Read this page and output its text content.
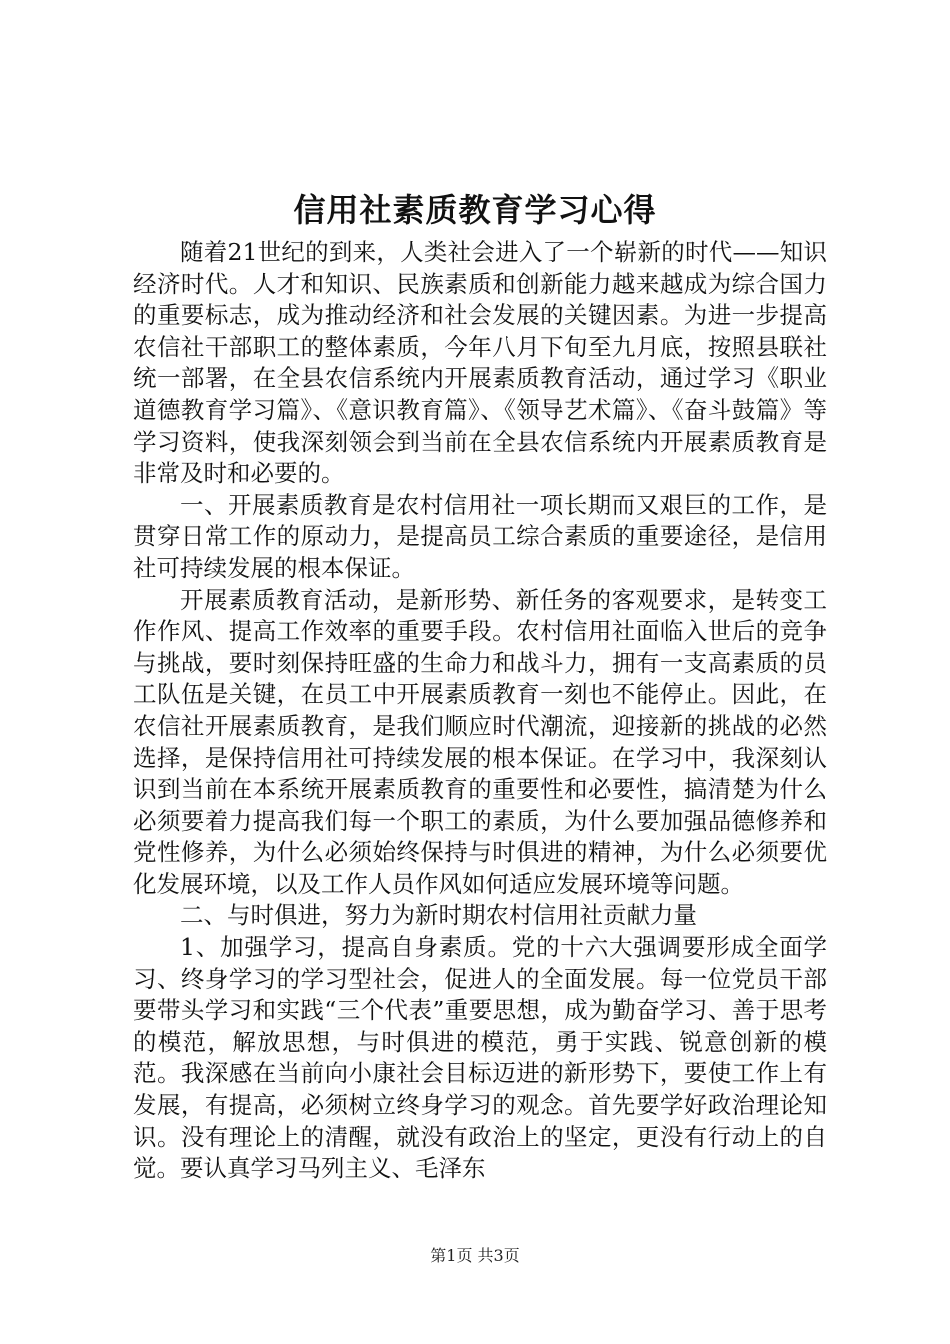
信用社素质教育学习心得

随着21世纪的到来，人类社会进入了一个崭新的时代——知识经济时代。人才和知识、民族素质和创新能力越来越成为综合国力的重要标志，成为推动经济和社会发展的关键因素。为进一步提高农信社干部职工的整体素质，今年八月下旬至九月底，按照县联社统一部署，在全县农信系统内开展素质教育活动，通过学习《职业道德教育学习篇》、《意识教育篇》、《领导艺术篇》、《奋斗鼓篇》等学习资料，使我深刻领会到当前在全县农信系统内开展素质教育是非常及时和必要的。

一、开展素质教育是农村信用社一项长期而又艰巨的工作，是贯穿日常工作的原动力，是提高员工综合素质的重要途径，是信用社可持续发展的根本保证。

开展素质教育活动，是新形势、新任务的客观要求，是转变工作作风、提高工作效率的重要手段。农村信用社面临入世后的竞争与挑战，要时刻保持旺盛的生命力和战斗力，拥有一支高素质的员工队伍是关键，在员工中开展素质教育一刻也不能停止。因此，在农信社开展素质教育，是我们顺应时代潮流，迎接新的挑战的必然选择，是保持信用社可持续发展的根本保证。在学习中，我深刻认识到当前在本系统开展素质教育的重要性和必要性，搞清楚为什么必须要着力提高我们每一个职工的素质，为什么要加强品德修养和党性修养，为什么必须始终保持与时俱进的精神，为什么必须要优化发展环境，以及工作人员作风如何适应发展环境等问题。

二、与时俱进，努力为新时期农村信用社贡献力量

1、加强学习，提高自身素质。党的十六大强调要形成全面学习、终身学习的学习型社会，促进人的全面发展。每一位党员干部要带头学习和实践“三个代表”重要思想，成为勤奋学习、善于思考的模范，解放思想，与时俱进的模范，勇于实践、锐意创新的模范。我深感在当前向小康社会目标迈进的新形势下，要使工作上有发展，有提高，必须树立终身学习的观念。首先要学好政治理论知识。没有理论上的清醒，就没有政治上的坚定，更没有行动上的自觉。要认真学习马列主义、毛泽东

第1页 共3页
